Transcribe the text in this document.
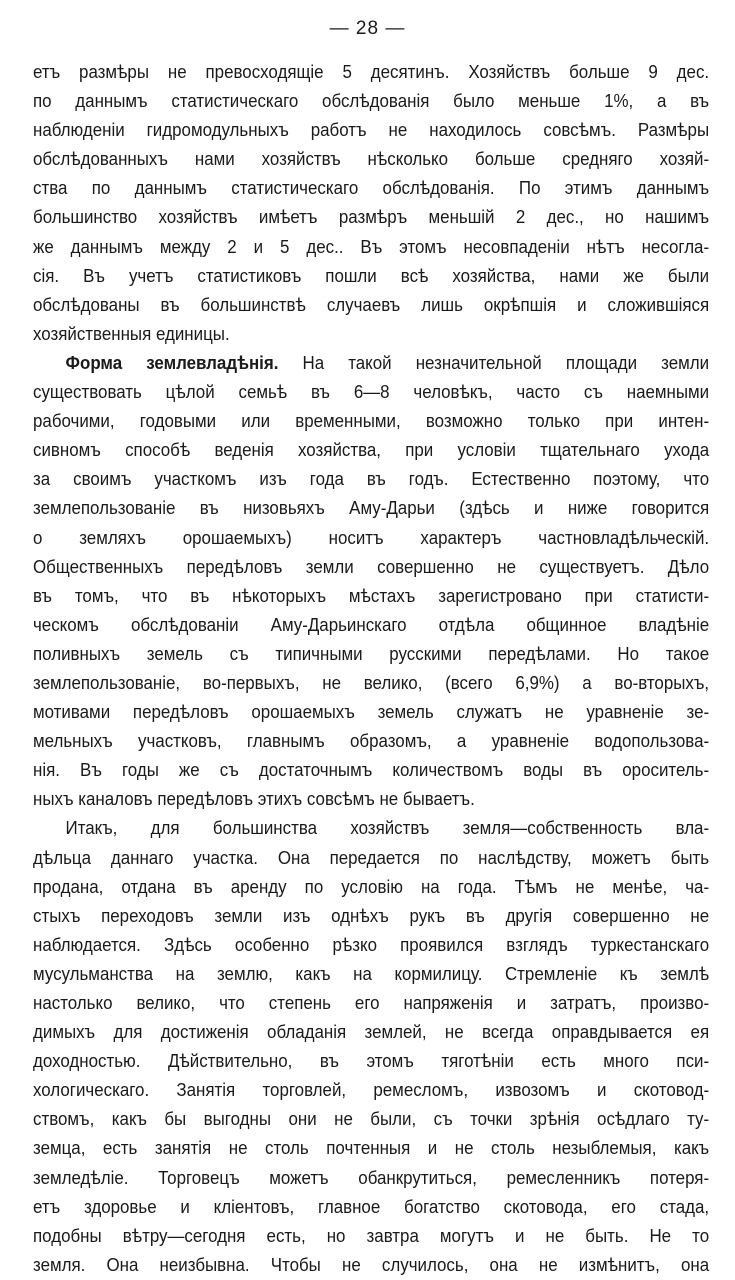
— 28 —
етъ размѣры не превосходящіе 5 десятинъ. Хозяйствъ больше 9 дес.
по даннымъ статистическаго обслѣдованія было меньше 1%, а въ
наблюденіи гидромодульныхъ работъ не находилось совсѣмъ. Размѣры
обслѣдованныхъ нами хозяйствъ нѣсколько больше средняго хозяй-
ства по даннымъ статистическаго обслѣдованія. По этимъ даннымъ
большинство хозяйствъ имѣетъ размѣръ меньшій 2 дес., но нашимъ
же даннымъ между 2 и 5 дес.. Въ этомъ несовпаденіи нѣтъ несогла-
сія. Въ учетъ статистиковъ пошли всѣ хозяйства, нами же были
обслѣдованы въ большинствѣ случаевъ лишь окрѣпшія и сложившіяся
хозяйственныя единицы.
Форма землевладѣнія. На такой незначительной площади земли
существовать цѣлой семьѣ въ 6—8 человѣкъ, часто съ наемными
рабочими, годовыми или временными, возможно только при интен-
сивномъ способѣ веденія хозяйства, при условіи тщательнаго ухода
за своимъ участкомъ изъ года въ годъ. Естественно поэтому, что
землепользованіе въ низовьяхъ Аму-Дарьи (здѣсь и ниже говорится
о земляхъ орошаемыхъ) носитъ характеръ частновладѣльческій.
Общественныхъ передѣловъ земли совершенно не существуетъ. Дѣло
въ томъ, что въ нѣкоторыхъ мѣстахъ зарегистровано при статисти-
ческомъ обслѣдованіи Аму-Дарьинскаго отдѣла общинное владѣніе
поливныхъ земель съ типичными русскими передѣлами. Но такое
землепользованіе, во-первыхъ, не велико, (всего 6,9%) а во-вторыхъ,
мотивами передѣловъ орошаемыхъ земель служатъ не уравненіе зе-
мельныхъ участковъ, главнымъ образомъ, а уравненіе водопользова-
нія. Въ годы же съ достаточнымъ количествомъ воды въ ороситель-
ныхъ каналовъ передѣловъ этихъ совсѣмъ не бываетъ.
Итакъ, для большинства хозяйствъ земля—собственность вла-
дѣльца даннаго участка. Она передается по наслѣдству, можетъ быть
продана, отдана въ аренду по условію на года. Тѣмъ не менѣе, ча-
стыхъ переходовъ земли изъ однѣхъ рукъ въ другія совершенно не
наблюдается. Здѣсь особенно рѣзко проявился взглядъ туркестанскаго
мусульманства на землю, какъ на кормилицу. Стремленіе къ землѣ
настолько велико, что степень его напряженія и затратъ, произво-
димыхъ для достиженія обладанія землей, не всегда оправдывается ея
доходностью. Дѣйствительно, въ этомъ тяготѣніи есть много пси-
хологическаго. Занятія торговлей, ремесломъ, извозомъ и скотовод-
ствомъ, какъ бы выгодны они не были, съ точки зрѣнія осѣдлаго ту-
земца, есть занятія не столь почтенныя и не столь незыблемыя, какъ
земледѣліе. Торговецъ можетъ обанкрутиться, ремесленникъ потеря-
етъ здоровье и кліентовъ, главное богатство скотовода, его стада,
подобны вѣтру—сегодня есть, но завтра могутъ и не быть. Не то
земля. Она неизбывна. Чтобы не случилось, она не измѣнитъ, она
